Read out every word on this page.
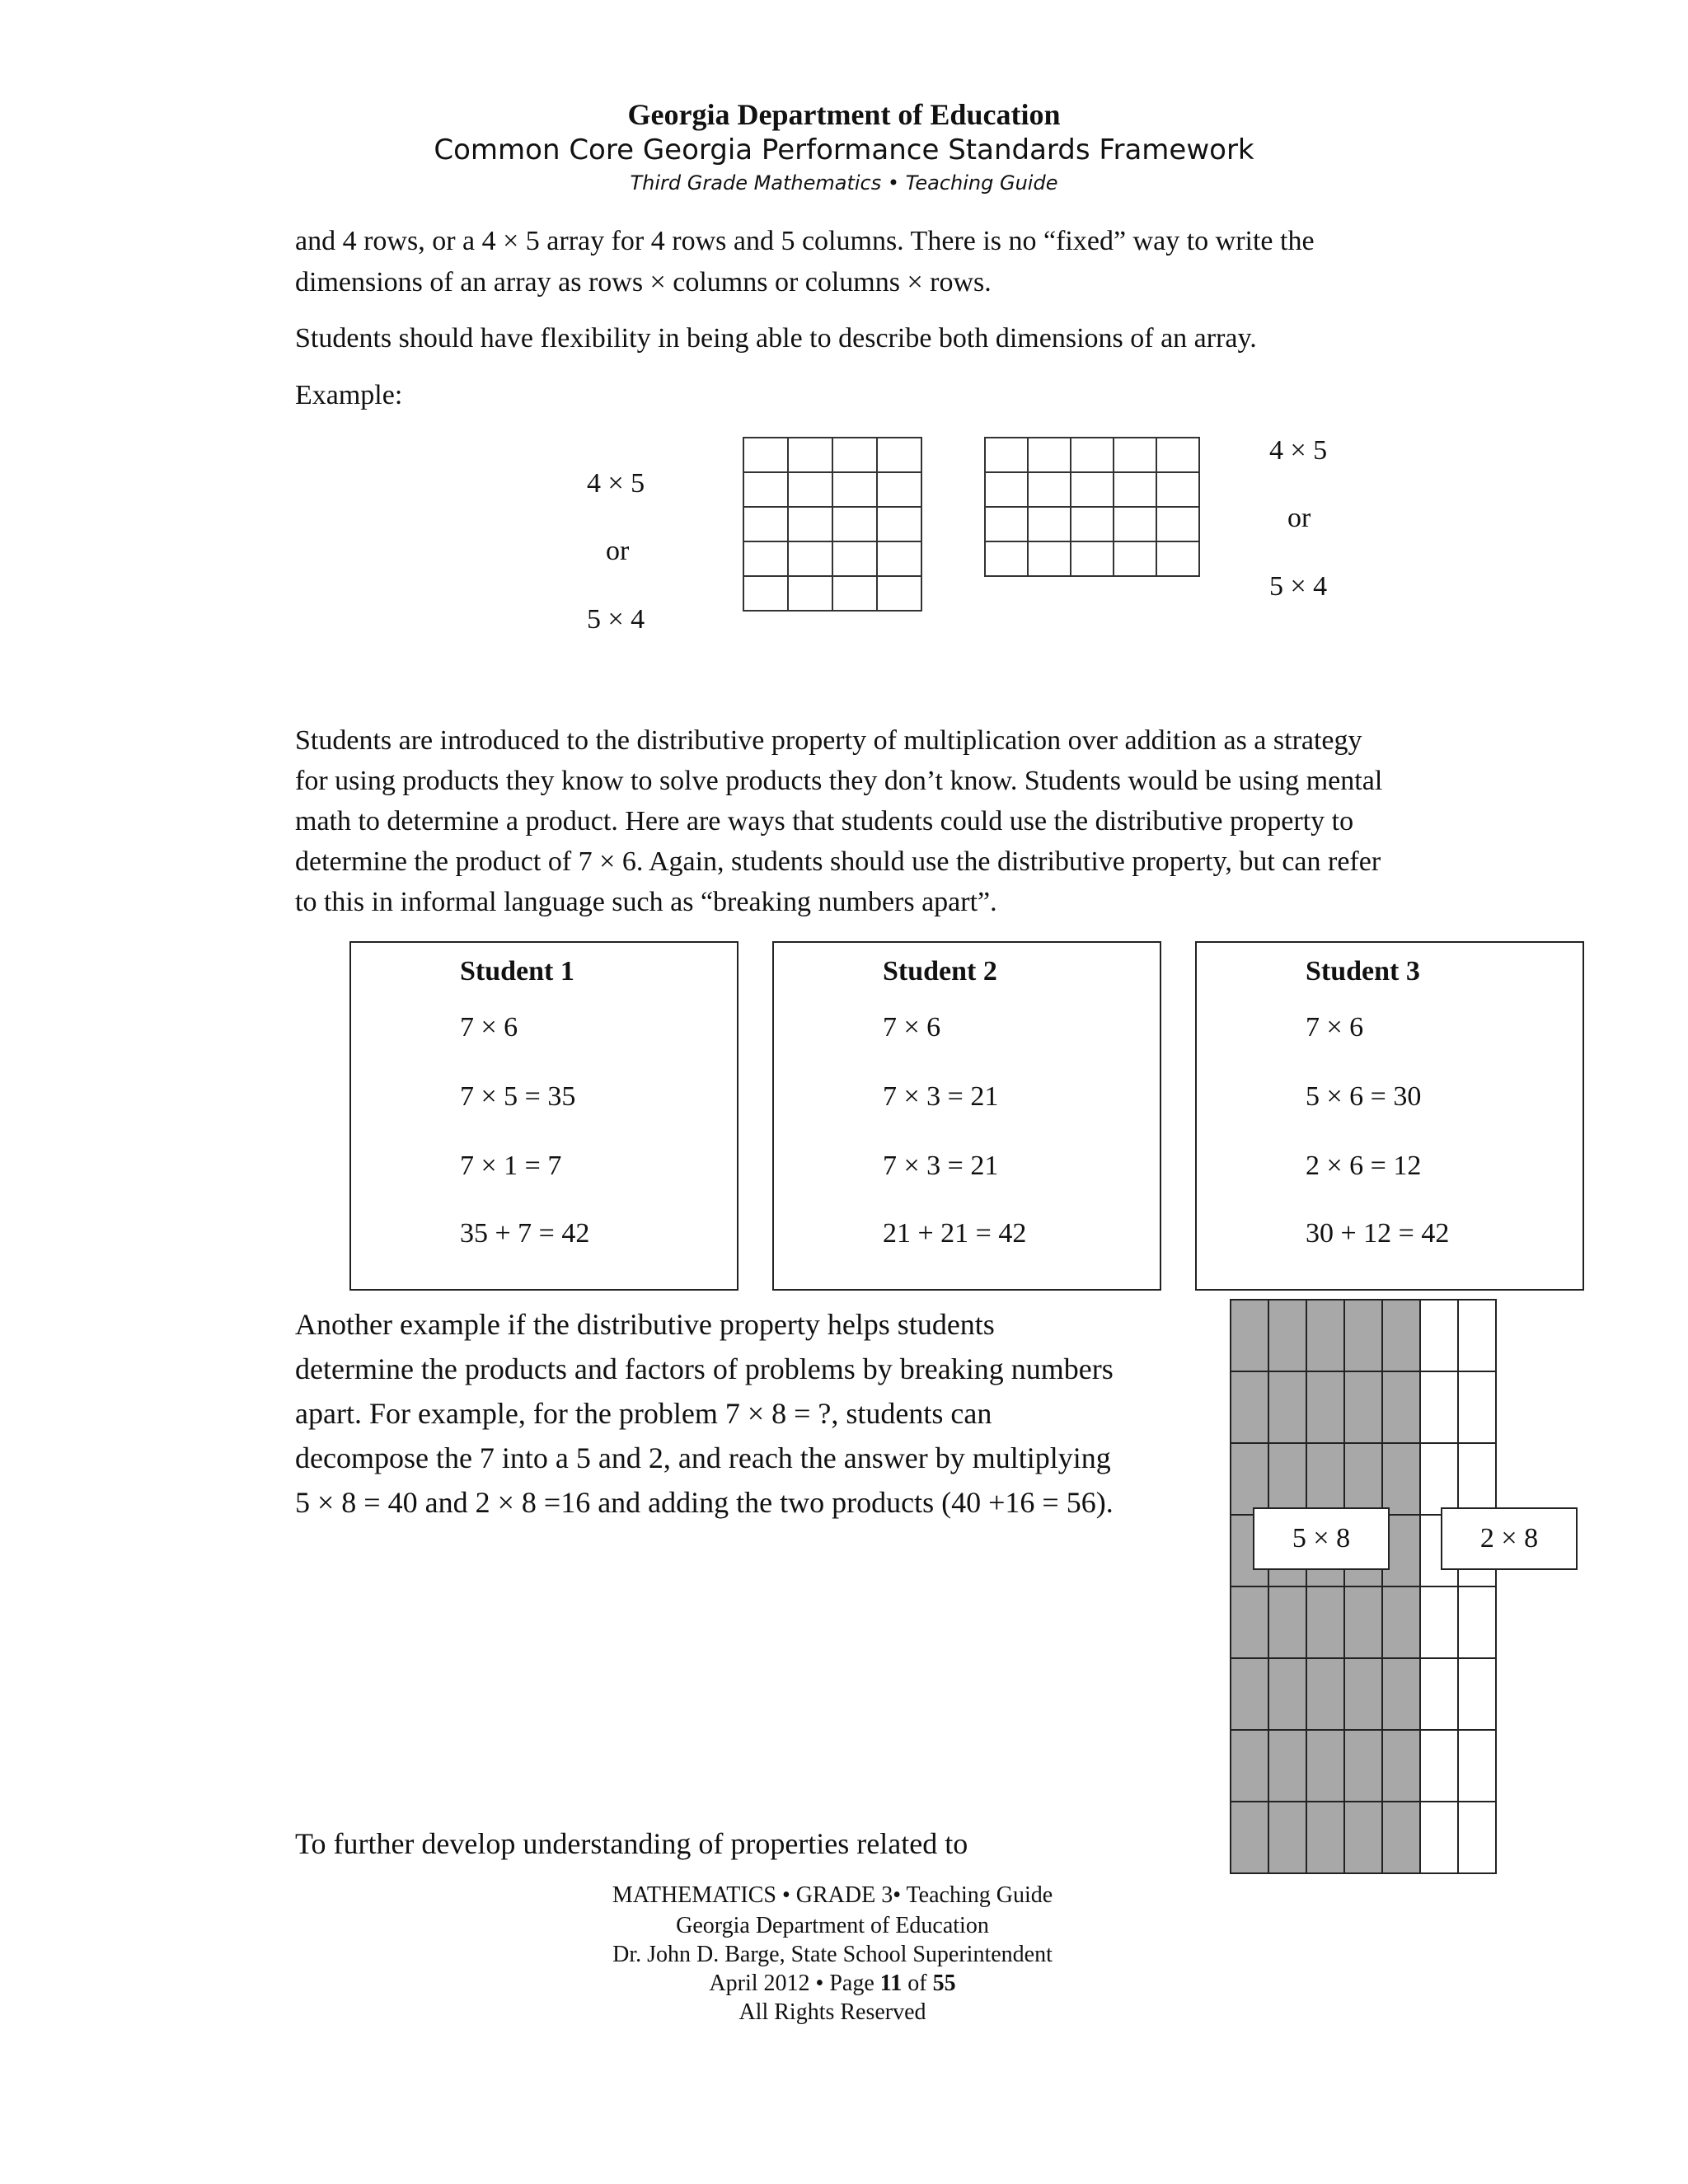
Georgia Department of Education
Common Core Georgia Performance Standards Framework
Third Grade Mathematics • Teaching Guide
and 4 rows, or a 4 × 5 array for 4 rows and 5 columns. There is no “fixed” way to write the
dimensions of an array as rows × columns or columns × rows.
Students should have flexibility in being able to describe both dimensions of an array.
Example:
4 × 5
or
5 × 4

4 × 5
or
5 × 4
Students are introduced to the distributive property of multiplication over addition as a strategy
for using products they know to solve products they don’t know. Students would be using mental
math to determine a product. Here are ways that students could use the distributive property to
determine the product of 7 × 6. Again, students should use the distributive property, but can refer
to this in informal language such as “breaking numbers apart”.
Student 1
7 × 6
7 × 5 = 35
7 × 1 = 7
35 + 7 = 42
Student 2
7 × 6
7 × 3 = 21
7 × 3 = 21
21 + 21 = 42
Student 3
7 × 6
5 × 6 = 30
2 × 6 = 12
30 + 12 = 42
Another example if the distributive property helps students
determine the products and factors of problems by breaking numbers
apart. For example, for the problem 7 × 8 = ?, students can
decompose the 7 into a 5 and 2, and reach the answer by multiplying
5 × 8 = 40 and 2 × 8 =16 and adding the two products (40 +16 = 56).

5 × 8	2 × 8
To further develop understanding of properties related to
MATHEMATICS • GRADE 3• Teaching Guide
Georgia Department of Education
Dr. John D. Barge, State School Superintendent
April 2012 • Page 11 of 55
All Rights Reserved
